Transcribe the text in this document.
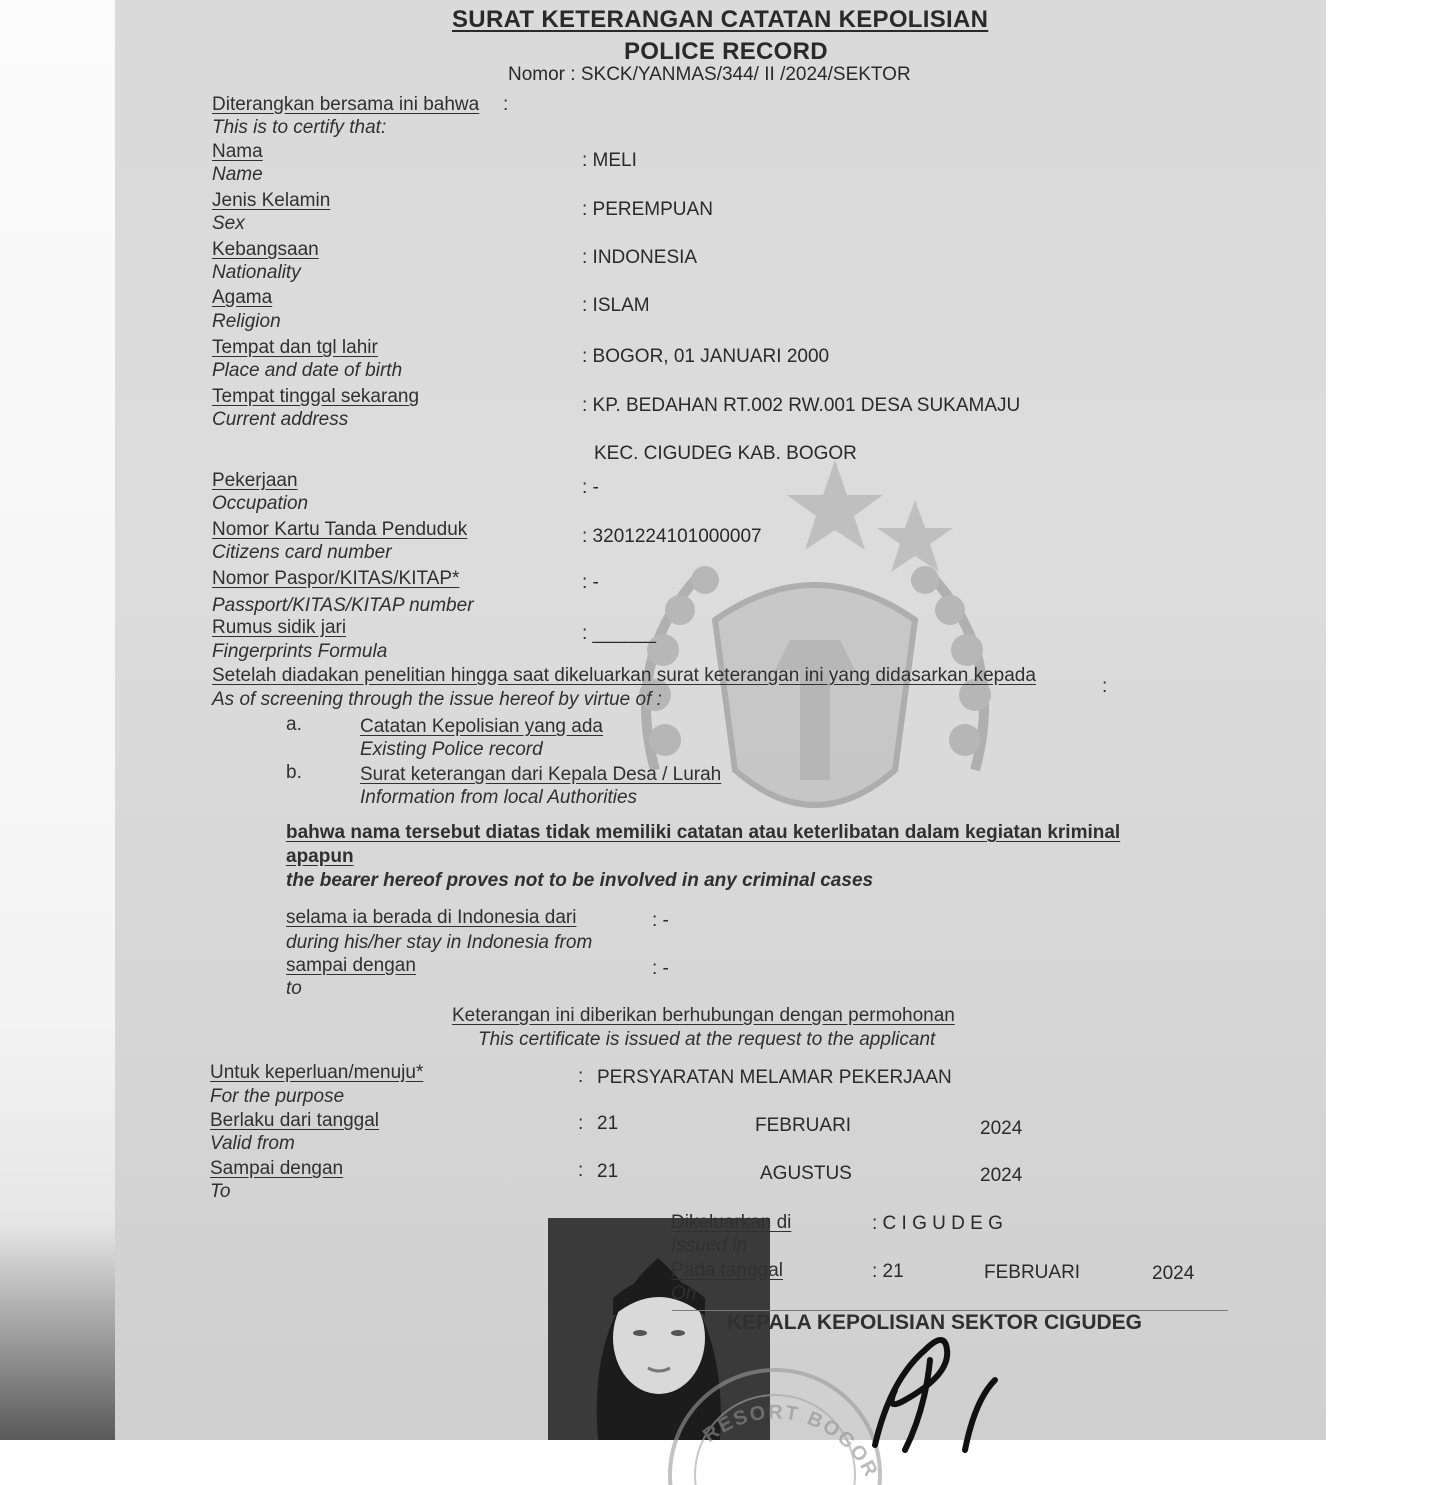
SURAT KETERANGAN CATATAN KEPOLISIAN
POLICE RECORD
Nomor : SKCK/YANMAS/344/ II /2024/SEKTOR
Diterangkan bersama ini bahwa :
This is to certify that:
Nama
Name
: MELI
Jenis Kelamin
Sex
: PEREMPUAN
Kebangsaan
Nationality
: INDONESIA
Agama
Religion
: ISLAM
Tempat dan tgl lahir
Place and date of birth
: BOGOR, 01 JANUARI 2000
Tempat tinggal sekarang
Current address
: KP. BEDAHAN RT.002 RW.001 DESA SUKAMAJU
KEC. CIGUDEG KAB. BOGOR
Pekerjaan
Occupation
: -
Nomor Kartu Tanda Penduduk
Citizens card number
: 3201224101000007
Nomor Paspor/KITAS/KITAP*
Passport/KITAS/KITAP number
: -
Rumus sidik jari
Fingerprints Formula
: ______
Setelah diadakan penelitian hingga saat dikeluarkan surat keterangan ini yang didasarkan kepada
:
As of screening through the issue hereof by virtue of :
a.	Catatan Kepolisian yang ada
Existing Police record
b.	Surat keterangan dari Kepala Desa / Lurah
Information from local Authorities
bahwa nama tersebut diatas tidak memiliki catatan atau keterlibatan dalam kegiatan kriminal
apapun
the bearer hereof proves not to be involved in any criminal cases
selama ia berada di Indonesia dari
during his/her stay in Indonesia from
: -
sampai dengan
to
: -
Keterangan ini diberikan berhubungan dengan permohonan
This certificate is issued at the request to the applicant
Untuk keperluan/menuju*
For the purpose
: PERSYARATAN MELAMAR PEKERJAAN
Berlaku dari tanggal
Valid from
: 21	FEBRUARI	2024
Sampai dengan
To
: 21	AGUSTUS	2024
Dikeluarkan di
Issued in
: C I G U D E G
Pada tanggal
On
: 21	FEBRUARI	2024
KEPALA KEPOLISIAN SEKTOR CIGUDEG
RESORT BOGOR
